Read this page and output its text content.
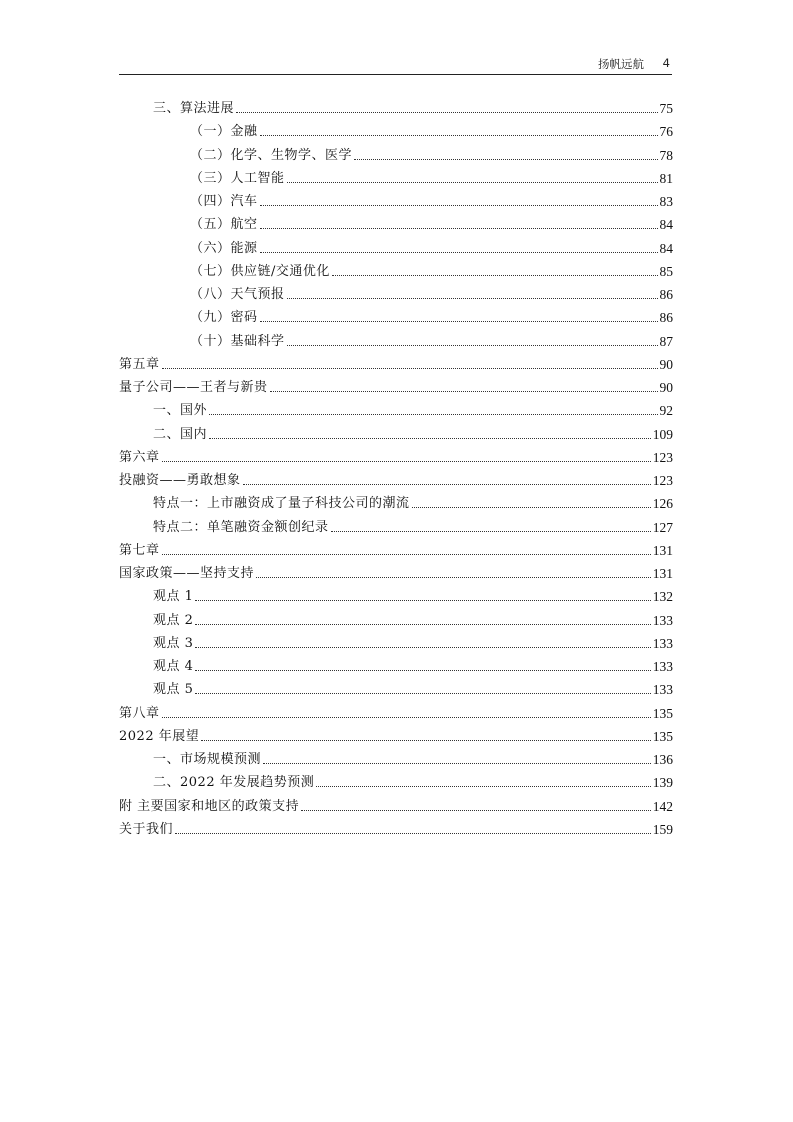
扬帆远航 4
三、算法进展	75
（一）金融	76
（二）化学、生物学、医学	78
（三）人工智能	81
（四）汽车	83
（五）航空	84
（六）能源	84
（七）供应链/交通优化	85
（八）天气预报	86
（九）密码	86
（十）基础科学	87
第五章	90
量子公司——王者与新贵	90
一、国外	92
二、国内	109
第六章	123
投融资——勇敢想象	123
特点一：上市融资成了量子科技公司的潮流	126
特点二：单笔融资金额创纪录	127
第七章	131
国家政策——坚持支持	131
观点 1	132
观点 2	133
观点 3	133
观点 4	133
观点 5	133
第八章	135
2022 年展望	135
一、市场规模预测	136
二、2022 年发展趋势预测	139
附 主要国家和地区的政策支持	142
关于我们	159
